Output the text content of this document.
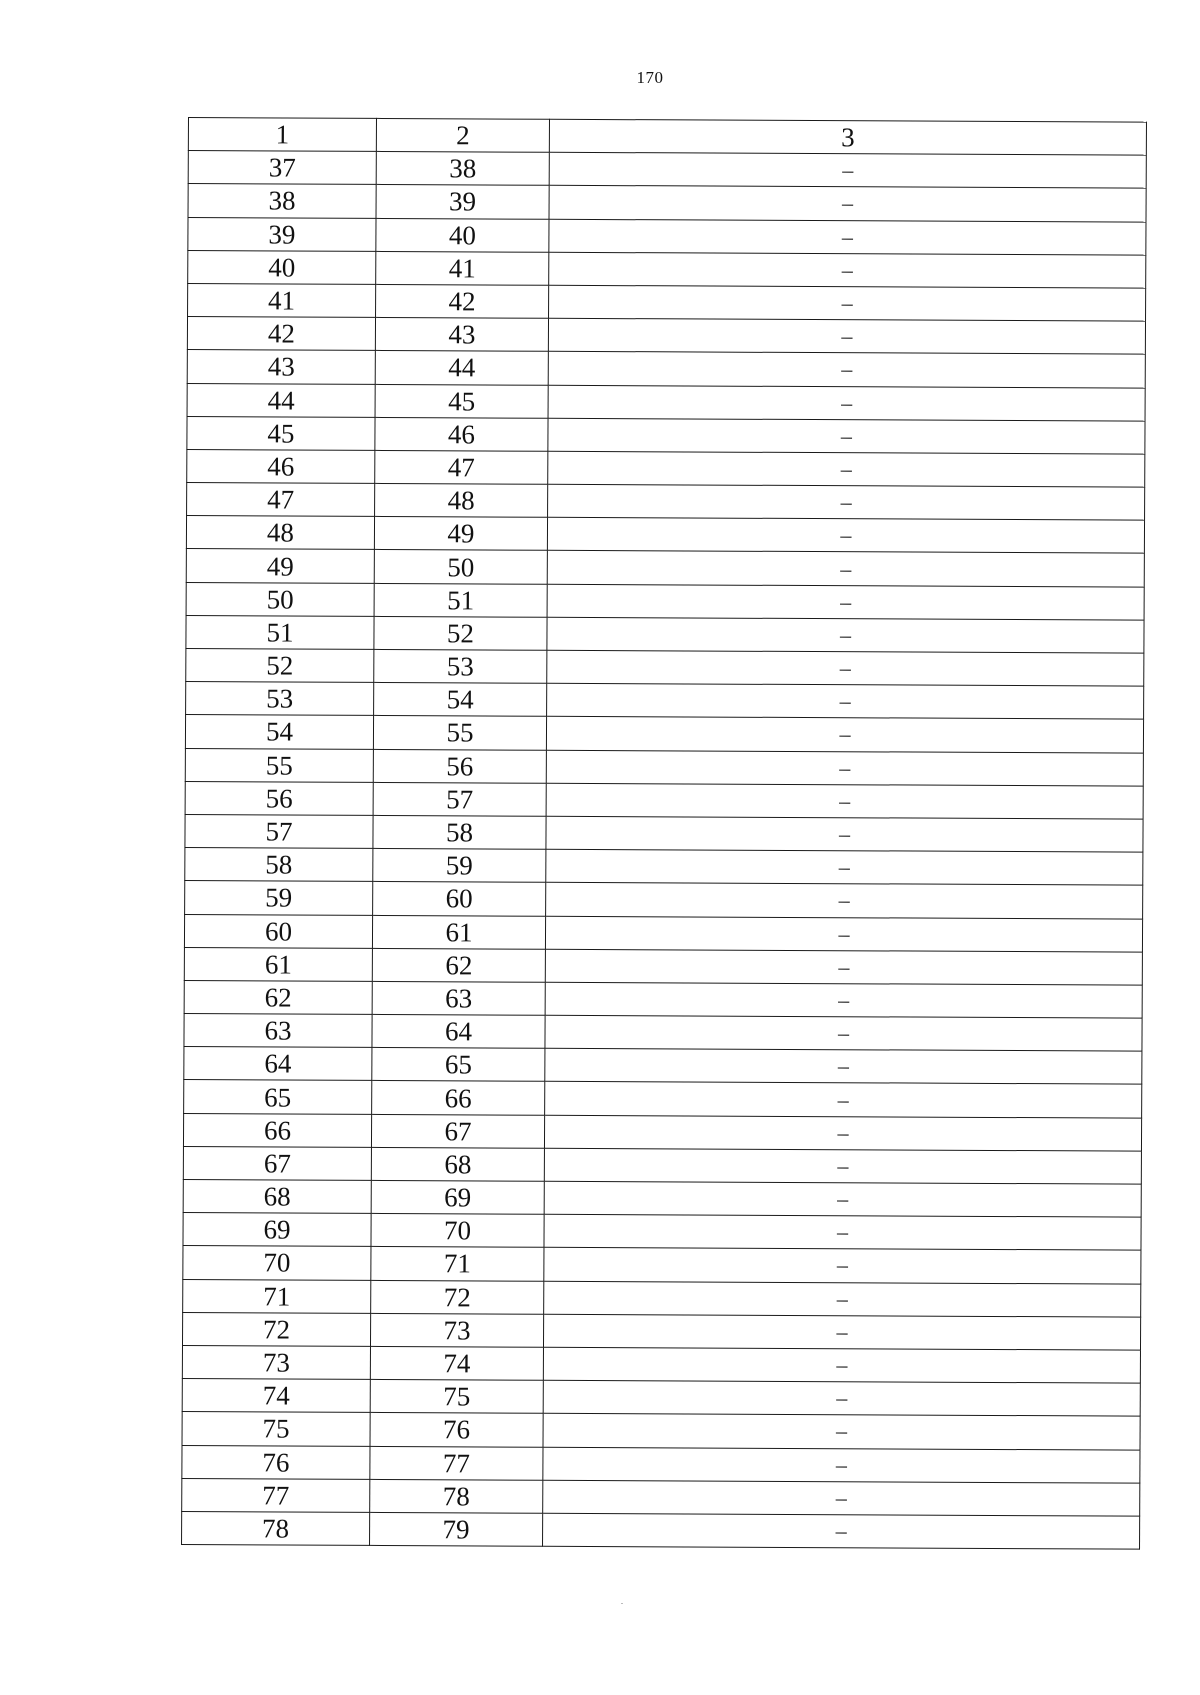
170
1	2	3
37	38	–
38	39	–
39	40	–
40	41	–
41	42	–
42	43	–
43	44	–
44	45	–
45	46	–
46	47	–
47	48	–
48	49	–
49	50	–
50	51	–
51	52	–
52	53	–
53	54	–
54	55	–
55	56	–
56	57	–
57	58	–
58	59	–
59	60	–
60	61	–
61	62	–
62	63	–
63	64	–
64	65	–
65	66	–
66	67	–
67	68	–
68	69	–
69	70	–
70	71	–
71	72	–
72	73	–
73	74	–
74	75	–
75	76	–
76	77	–
77	78	–
78	79	–
